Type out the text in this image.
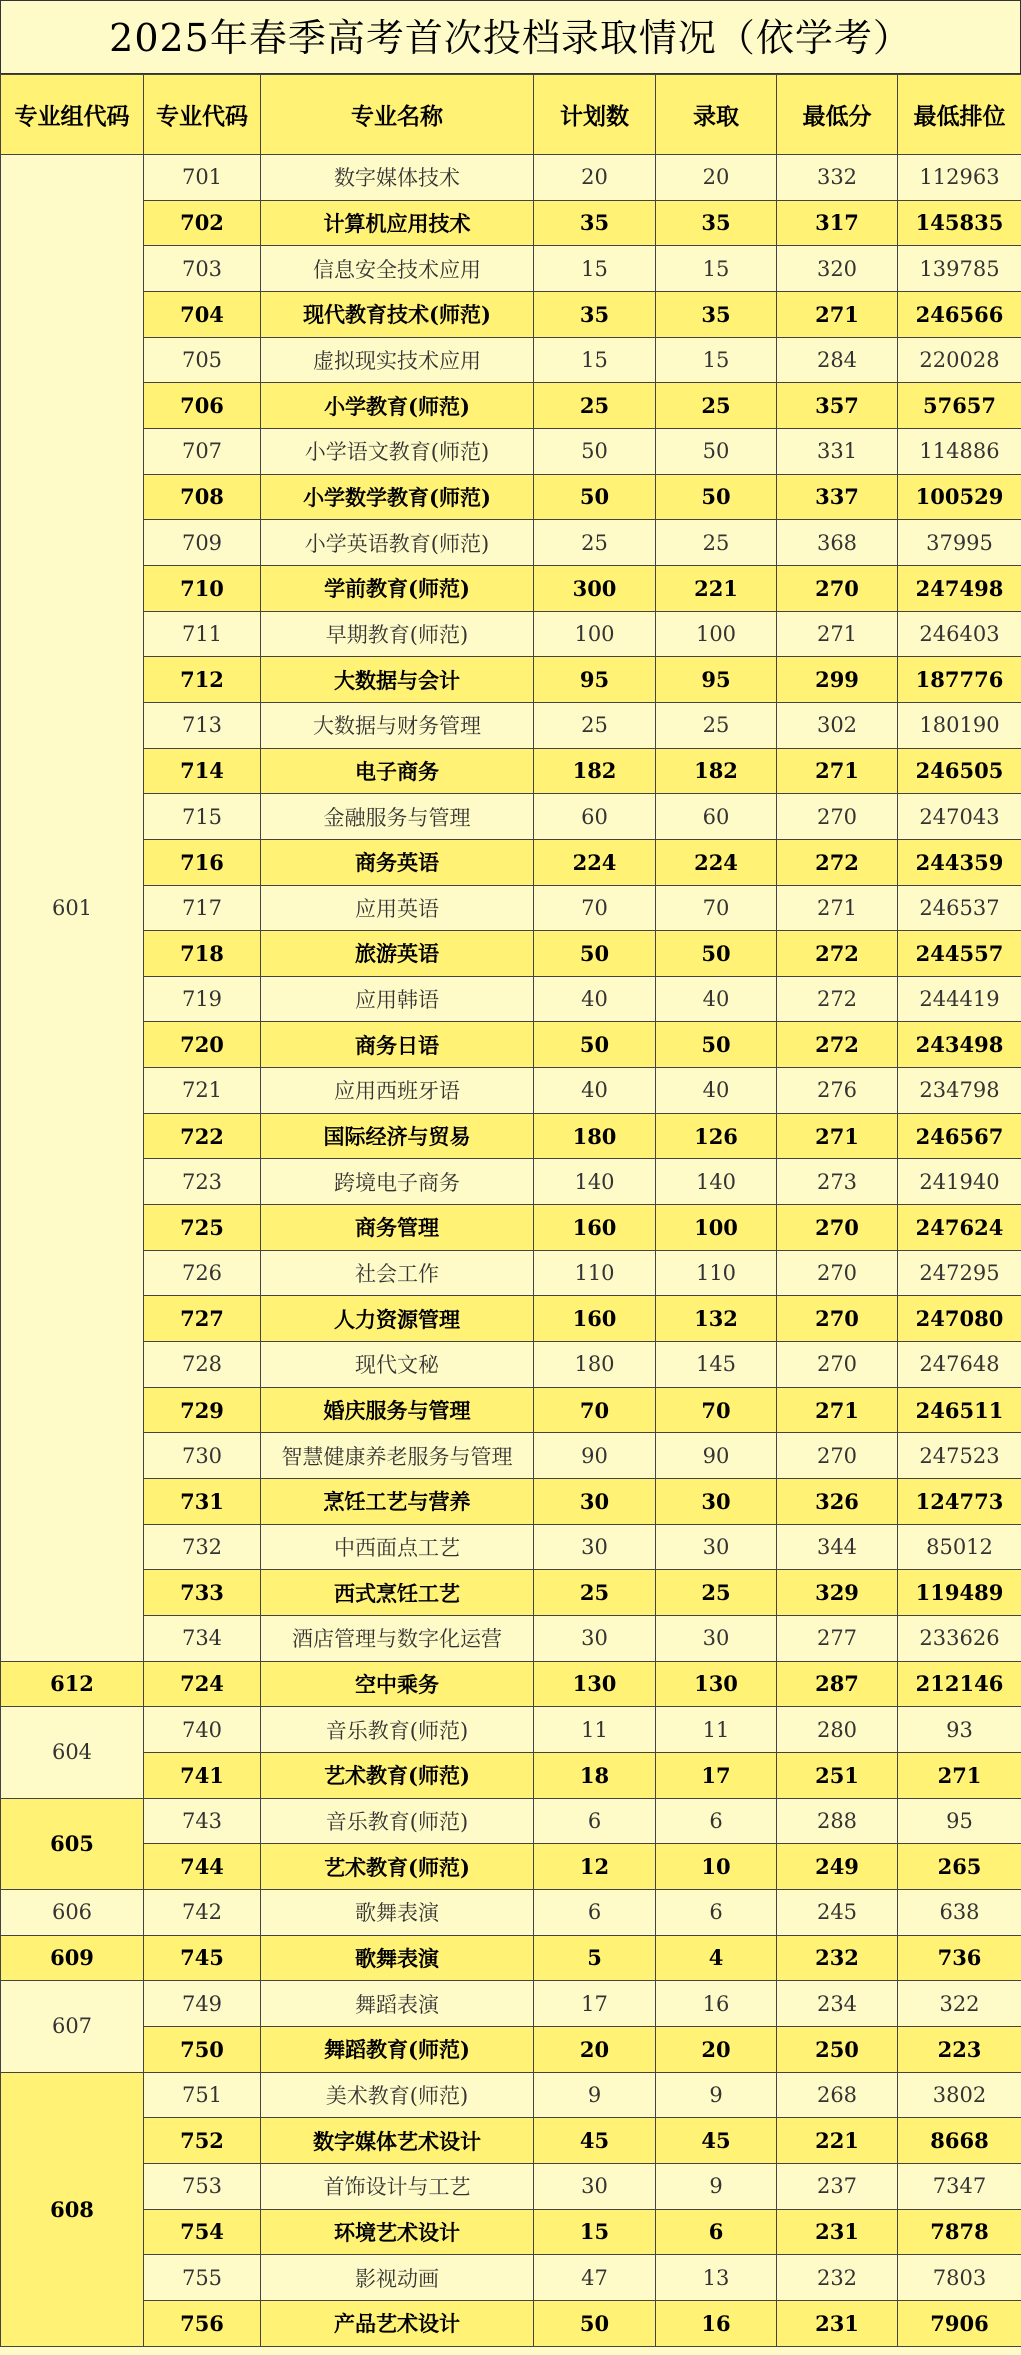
2025年春季高考首次投档录取情况（依学考）
专业组代码	专业代码	专业名称	计划数	录取	最低分	最低排位
601	701	数字媒体技术	20	20	332	112963
	702	计算机应用技术	35	35	317	145835
	703	信息安全技术应用	15	15	320	139785
	704	现代教育技术(师范)	35	35	271	246566
	705	虚拟现实技术应用	15	15	284	220028
	706	小学教育(师范)	25	25	357	57657
	707	小学语文教育(师范)	50	50	331	114886
	708	小学数学教育(师范)	50	50	337	100529
	709	小学英语教育(师范)	25	25	368	37995
	710	学前教育(师范)	300	221	270	247498
	711	早期教育(师范)	100	100	271	246403
	712	大数据与会计	95	95	299	187776
	713	大数据与财务管理	25	25	302	180190
	714	电子商务	182	182	271	246505
	715	金融服务与管理	60	60	270	247043
	716	商务英语	224	224	272	244359
	717	应用英语	70	70	271	246537
	718	旅游英语	50	50	272	244557
	719	应用韩语	40	40	272	244419
	720	商务日语	50	50	272	243498
	721	应用西班牙语	40	40	276	234798
	722	国际经济与贸易	180	126	271	246567
	723	跨境电子商务	140	140	273	241940
	725	商务管理	160	100	270	247624
	726	社会工作	110	110	270	247295
	727	人力资源管理	160	132	270	247080
	728	现代文秘	180	145	270	247648
	729	婚庆服务与管理	70	70	271	246511
	730	智慧健康养老服务与管理	90	90	270	247523
	731	烹饪工艺与营养	30	30	326	124773
	732	中西面点工艺	30	30	344	85012
	733	西式烹饪工艺	25	25	329	119489
	734	酒店管理与数字化运营	30	30	277	233626
612	724	空中乘务	130	130	287	212146
604	740	音乐教育(师范)	11	11	280	93
	741	艺术教育(师范)	18	17	251	271
605	743	音乐教育(师范)	6	6	288	95
	744	艺术教育(师范)	12	10	249	265
606	742	歌舞表演	6	6	245	638
609	745	歌舞表演	5	4	232	736
607	749	舞蹈表演	17	16	234	322
	750	舞蹈教育(师范)	20	20	250	223
608	751	美术教育(师范)	9	9	268	3802
	752	数字媒体艺术设计	45	45	221	8668
	753	首饰设计与工艺	30	9	237	7347
	754	环境艺术设计	15	6	231	7878
	755	影视动画	47	13	232	7803
	756	产品艺术设计	50	16	231	7906
